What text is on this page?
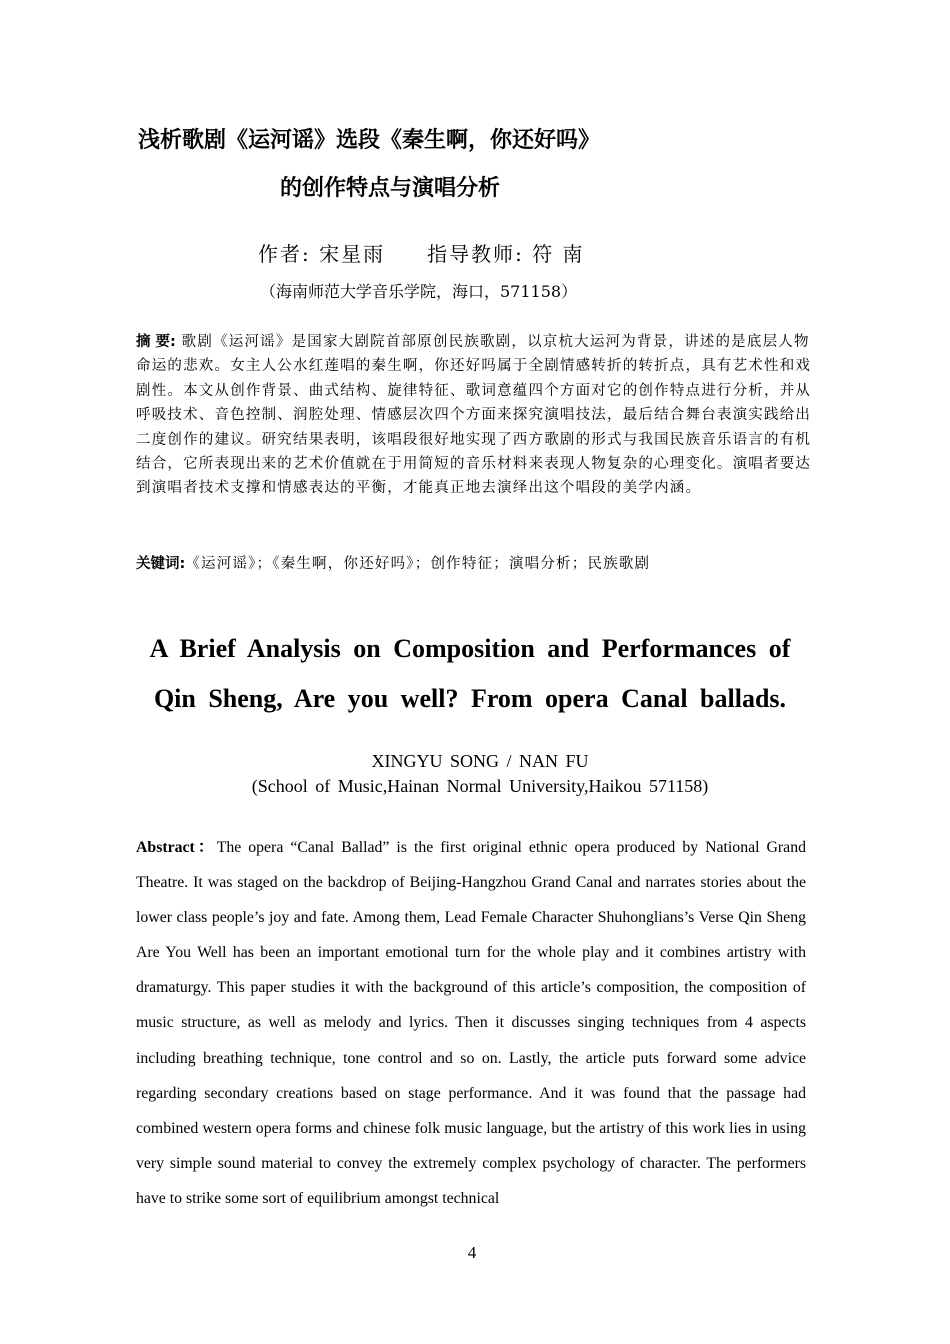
浅析歌剧《运河谣》选段《秦生啊，你还好吗》
的创作特点与演唱分析
作者: 宋星雨 指导教师: 符 南
（海南师范大学音乐学院，海口，571158）
摘 要: 歌剧《运河谣》是国家大剧院首部原创民族歌剧，以京杭大运河为背景，讲述的是底层人物命运的悲欢。女主人公水红莲唱的秦生啊，你还好吗属于全剧情感转折的转折点，具有艺术性和戏剧性。本文从创作背景、曲式结构、旋律特征、歌词意蕴四个方面对它的创作特点进行分析，并从呼吸技术、音色控制、润腔处理、情感层次四个方面来探究演唱技法，最后结合舞台表演实践给出二度创作的建议。研究结果表明，该唱段很好地实现了西方歌剧的形式与我国民族音乐语言的有机结合，它所表现出来的艺术价值就在于用简短的音乐材料来表现人物复杂的心理变化。演唱者要达到演唱者技术支撑和情感表达的平衡，才能真正地去演绎出这个唱段的美学内涵。
关键词:《运河谣》；《秦生啊，你还好吗》；创作特征；演唱分析；民族歌剧
A Brief Analysis on Composition and Performances of
Qin Sheng, Are you well? From opera Canal ballads.
XINGYU SONG / NAN FU
(School of Music,Hainan Normal University,Haikou 571158)
Abstract：The opera “Canal Ballad” is the first original ethnic opera produced by National Grand Theatre. It was staged on the backdrop of Beijing-Hangzhou Grand Canal and narrates stories about the lower class people’s joy and fate. Among them, Lead Female Character Shuhonglians’s Verse Qin Sheng Are You Well has been an important emotional turn for the whole play and it combines artistry with dramaturgy. This paper studies it with the background of this article’s composition, the composition of music structure, as well as melody and lyrics. Then it discusses singing techniques from 4 aspects including breathing technique, tone control and so on. Lastly, the article puts forward some advice regarding secondary creations based on stage performance. And it was found that the passage had combined western opera forms and chinese folk music language, but the artistry of this work lies in using very simple sound material to convey the extremely complex psychology of character. The performers have to strike some sort of equilibrium amongst technical
4
